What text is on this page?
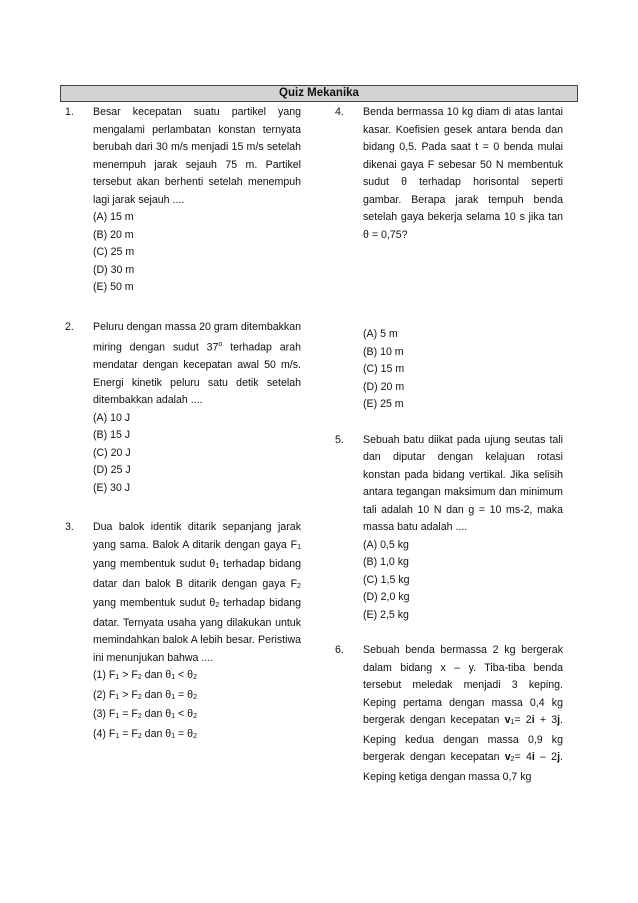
Quiz Mekanika
1. Besar kecepatan suatu partikel yang mengalami perlambatan konstan ternyata berubah dari 30 m/s menjadi 15 m/s setelah menempuh jarak sejauh 75 m. Partikel tersebut akan berhenti setelah menempuh lagi jarak sejauh ....
(A) 15 m
(B) 20 m
(C) 25 m
(D) 30 m
(E) 50 m
2. Peluru dengan massa 20 gram ditembakkan miring dengan sudut 37$^o$ terhadap arah mendatar dengan kecepatan awal 50 m/s. Energi kinetik peluru satu detik setelah ditembakkan adalah ....
(A) 10 J
(B) 15 J
(C) 20 J
(D) 25 J
(E) 30 J
3. Dua balok identik ditarik sepanjang jarak yang sama. Balok A ditarik dengan gaya $F_1$ yang membentuk sudut $\theta_1$ terhadap bidang datar dan balok B ditarik dengan gaya $F_2$ yang membentuk sudut $\theta_2$ terhadap bidang datar. Ternyata usaha yang dilakukan untuk memindahkan balok A lebih besar. Peristiwa ini menunjukan bahwa ....
(1) $F_1 > F_2$ dan $\theta_1 < \theta_2$
(2) $F_1 > F_2$ dan $\theta_1 = \theta_2$
(3) $F_1 = F_2$ dan $\theta_1 < \theta_2$
(4) $F_1 = F_2$ dan $\theta_1 = \theta_2$
4. Benda bermassa 10 kg diam di atas lantai kasar. Koefisien gesek antara benda dan bidang 0,5. Pada saat t = 0 benda mulai dikenai gaya F sebesar 50 N membentuk sudut θ terhadap horisontal seperti gambar. Berapa jarak tempuh benda setelah gaya bekerja selama 10 s jika tan θ = 0,75?
(A) 5 m
(B) 10 m
(C) 15 m
(D) 20 m
(E) 25 m
5. Sebuah batu diikat pada ujung seutas tali dan diputar dengan kelajuan rotasi konstan pada bidang vertikal. Jika selisih antara tegangan maksimum dan minimum tali adalah 10 N dan g = 10 ms-2, maka massa batu adalah ....
(A) 0,5 kg
(B) 1,0 kg
(C) 1,5 kg
(D) 2,0 kg
(E) 2,5 kg
6. Sebuah benda bermassa 2 kg bergerak dalam bidang x – y. Tiba-tiba benda tersebut meledak menjadi 3 keping. Keping pertama dengan massa 0,4 kg bergerak dengan kecepatan $v_1= 2i + 3j$. Keping kedua dengan massa 0,9 kg bergerak dengan kecepatan $v_2= 4i - 2j$. Keping ketiga dengan massa 0,7 kg
